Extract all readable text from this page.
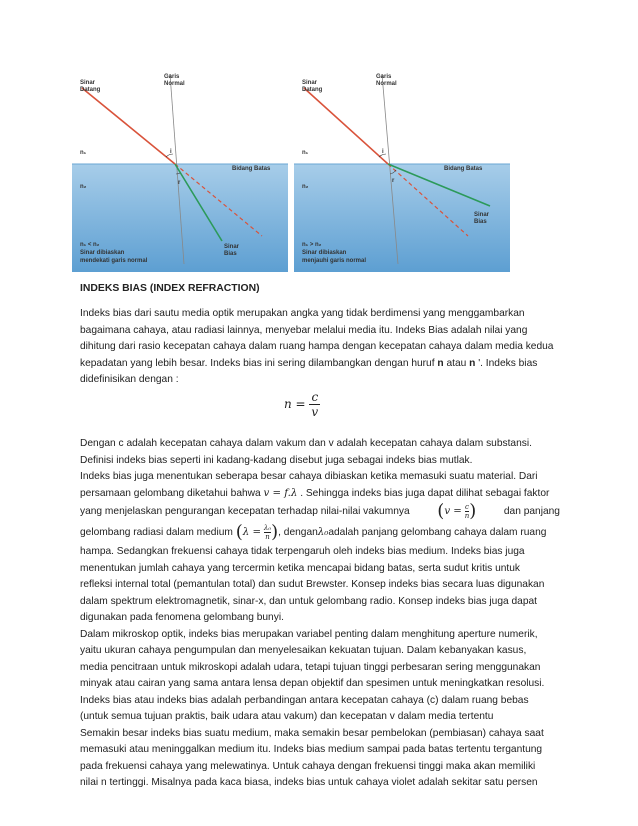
Sinar Datang
Garis Normal
n₁
n₂
i
r
Bidang Batas
Sinar Bias
n₁ < n₂
Sinar dibiaskan
mendekati garis normal
Sinar Datang
Garis Normal
n₁
n₂
i
r
Bidang Batas
Sinar Bias
n₁ > n₂
Sinar dibiaskan
menjauhi garis normal
INDEKS BIAS (INDEX REFRACTION)
Indeks bias dari sautu media optik merupakan angka yang tidak berdimensi yang menggambarkan
bagaimana cahaya, atau radiasi lainnya, menyebar melalui media itu. Indeks Bias adalah nilai yang
dihitung dari rasio kecepatan cahaya dalam ruang hampa dengan kecepatan cahaya dalam media kedua
kepadatan yang lebih besar. Indeks bias ini sering dilambangkan dengan huruf n atau n '. Indeks bias
didefinisikan dengan :
$n = \frac{c}{v}$
Dengan c adalah kecepatan cahaya dalam vakum dan v adalah kecepatan cahaya dalam substansi.
Definisi indeks bias seperti ini kadang-kadang disebut juga sebagai indeks bias mutlak.
Indeks bias juga menentukan seberapa besar cahaya dibiaskan ketika memasuki suatu material. Dari
persamaan gelombang diketahui bahwa v = f.λ . Sehingga indeks bias juga dapat dilihat sebagai faktor
yang menjelaskan pengurangan kecepatan terhadap nilai-nilai vakumnya $(v = \frac{c}{n})$	dan panjang
gelombang radiasi dalam medium
$(\lambda = \frac{\text{λ₀}}{n})$ , dengan λ₀ adalah panjang gelombang cahaya dalam ruang
hampa. Sedangkan frekuensi cahaya tidak terpengaruh oleh indeks bias medium. Indeks bias juga
menentukan jumlah cahaya yang tercermin ketika mencapai bidang batas, serta sudut kritis untuk
refleksi internal total (pemantulan total) dan sudut Brewster. Konsep indeks bias secara luas digunakan
dalam spektrum elektromagnetik, sinar-x, dan untuk gelombang radio. Konsep indeks bias juga dapat
digunakan pada fenomena gelombang bunyi.
Dalam mikroskop optik, indeks bias merupakan variabel penting dalam menghitung aperture numerik,
yaitu ukuran cahaya pengumpulan dan menyelesaikan kekuatan tujuan. Dalam kebanyakan kasus,
media pencitraan untuk mikroskopi adalah udara, tetapi tujuan tinggi perbesaran sering menggunakan
minyak atau cairan yang sama antara lensa depan objektif dan spesimen untuk meningkatkan resolusi.
Indeks bias atau indeks bias adalah perbandingan antara kecepatan cahaya (c) dalam ruang bebas
(untuk semua tujuan praktis, baik udara atau vakum) dan kecepatan v dalam media tertentu
Semakin besar indeks bias suatu medium, maka semakin besar pembelokan (pembiasan) cahaya saat
memasuki atau meninggalkan medium itu. Indeks bias medium sampai pada batas tertentu tergantung
pada frekuensi cahaya yang melewatinya. Untuk cahaya dengan frekuensi tinggi maka akan memiliki
nilai n tertinggi. Misalnya pada kaca biasa, indeks bias untuk cahaya violet adalah sekitar satu persen
